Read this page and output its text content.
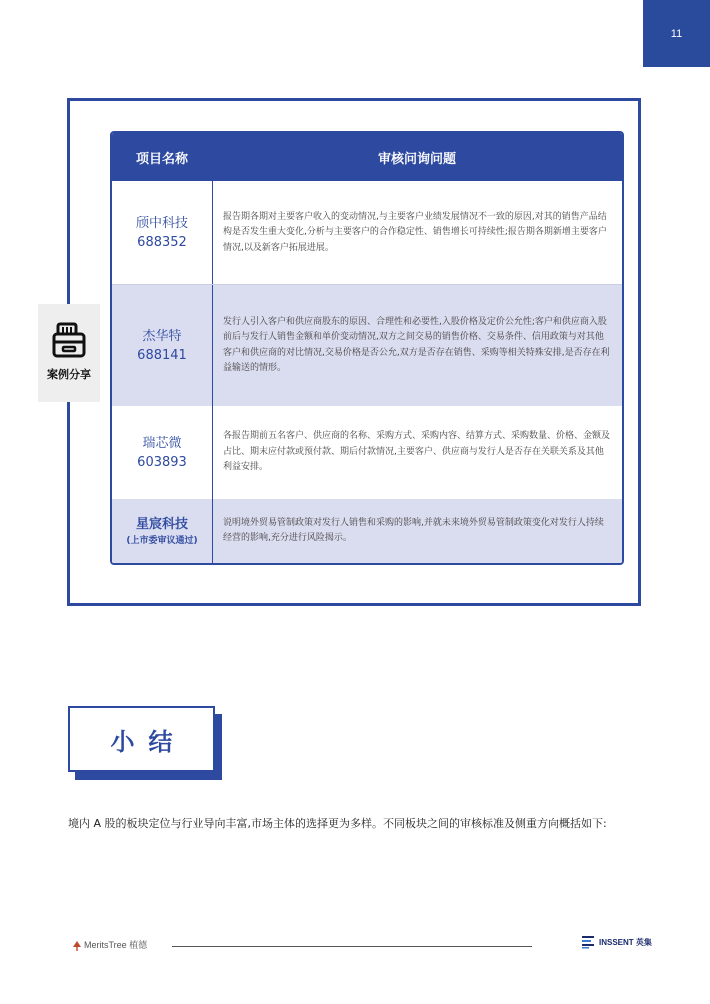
11
项目名称	审核问询问题
颀中科技
688352
报告期各期对主要客户收入的变动情况,与主要客户业绩发展情况不一致的原因,对其的销售产品结构是否发生重大变化,分析与主要客户的合作稳定性、销售增长可持续性;报告期各期新增主要客户情况,以及新客户拓展进展。
杰华特
688141
发行人引入客户和供应商股东的原因、合理性和必要性,入股价格及定价公允性;客户和供应商入股前后与发行人销售金额和单价变动情况,双方之间交易的销售价格、交易条件、信用政策与对其他客户和供应商的对比情况,交易价格是否公允,双方是否存在销售、采购等相关特殊安排,是否存在利益输送的情形。
瑞芯微
603893
各报告期前五名客户、供应商的名称、采购方式、采购内容、结算方式、采购数量、价格、金额及占比、期末应付款或预付款、期后付款情况,主要客户、供应商与发行人是否存在关联关系及其他利益安排。
星宸科技
(上市委审议通过)
说明境外贸易管制政策对发行人销售和采购的影响,并就未来境外贸易管制政策变化对发行人持续经营的影响,充分进行风险揭示。
案例分享
小结
境内 A 股的板块定位与行业导向丰富,市场主体的选择更为多样。不同板块之间的审核标准及侧重方向概括如下:
MeritsTree 植德	INSSENT 英集
